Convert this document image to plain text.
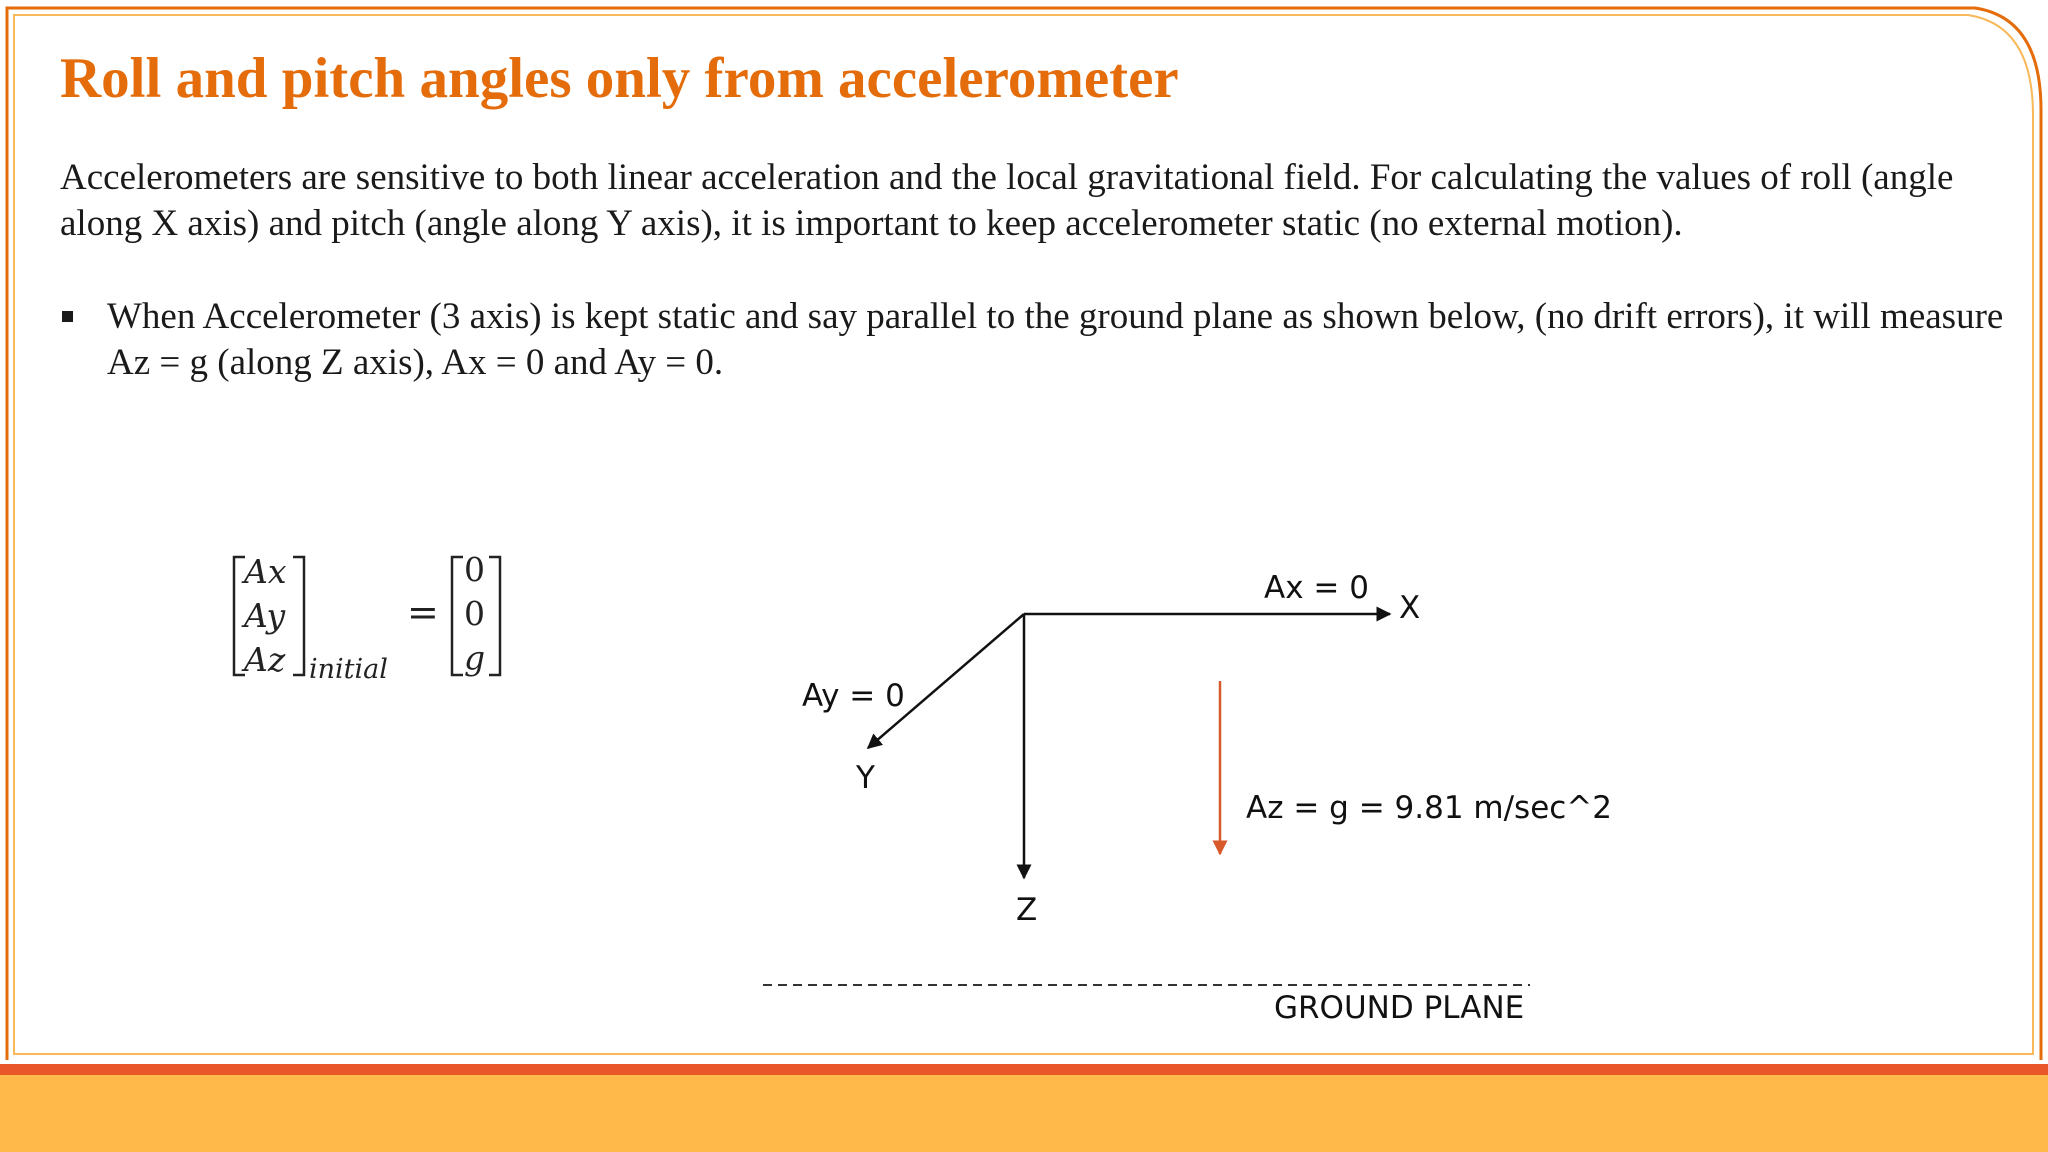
Roll and pitch angles only from accelerometer

Accelerometers are sensitive to both linear acceleration and the local gravitational field. For calculating the values of roll (angle along X axis) and pitch (angle along Y axis), it is important to keep accelerometer static (no external motion).

When Accelerometer (3 axis) is kept static and say parallel to the ground plane as shown below, (no drift errors), it will measure Az = g (along Z axis), Ax = 0 and Ay = 0.

Ax
Ay
Az initial
=
0
0
g
Ax = 0
X
Ay = 0
Y
Z
Az = g = 9.81 m/sec^2
GROUND PLANE
